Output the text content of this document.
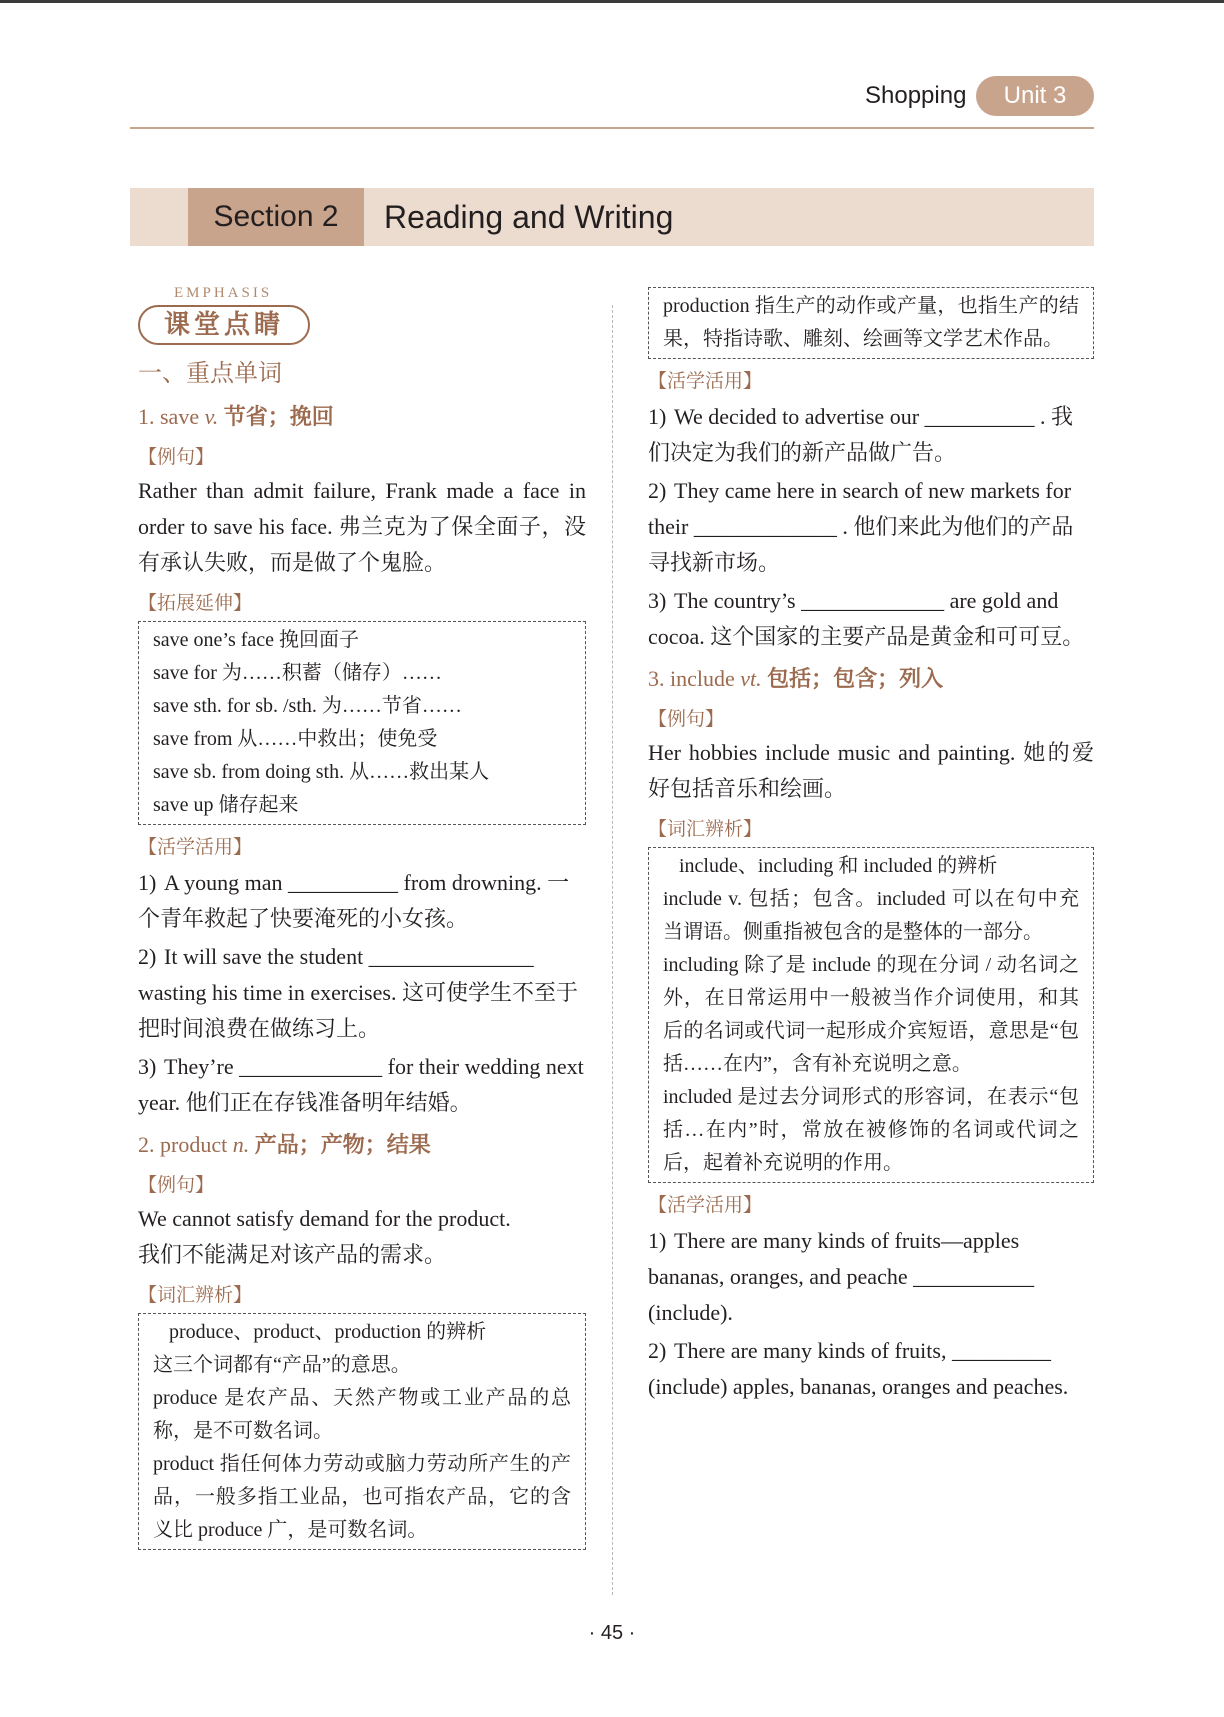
Shopping	Unit 3
Section 2	Reading and Writing
EMPHASIS
课堂点睛
一、重点单词
1. save v. 节省；挽回
【例句】
Rather than admit failure, Frank made a face in order to save his face. 弗兰克为了保全面子，没有承认失败，而是做了个鬼脸。
【拓展延伸】
save one’s face 挽回面子
save for 为……积蓄（储存）……
save sth. for sb. /sth. 为……节省……
save from 从……中救出；使免受
save sb. from doing sth. 从……救出某人
save up 储存起来
【活学活用】
1) A young man __________ from drowning. 一个青年救起了快要淹死的小女孩。
2) It will save the student _______________ wasting his time in exercises. 这可使学生不至于把时间浪费在做练习上。
3) They’re _____________ for their wedding next year. 他们正在存钱准备明年结婚。
2. product n. 产品；产物；结果
【例句】
We cannot satisfy demand for the product.
我们不能满足对该产品的需求。
【词汇辨析】
produce、product、production 的辨析
这三个词都有“产品”的意思。
produce 是农产品、天然产物或工业产品的总称，是不可数名词。
product 指任何体力劳动或脑力劳动所产生的产品，一般多指工业品，也可指农产品，它的含义比 produce 广，是可数名词。
production 指生产的动作或产量，也指生产的结果，特指诗歌、雕刻、绘画等文学艺术作品。
【活学活用】
1) We decided to advertise our __________ . 我们决定为我们的新产品做广告。
2) They came here in search of new markets for their _____________ . 他们来此为他们的产品寻找新市场。
3) The country’s _____________ are gold and cocoa. 这个国家的主要产品是黄金和可可豆。
3. include vt. 包括；包含；列入
【例句】
Her hobbies include music and painting. 她的爱好包括音乐和绘画。
【词汇辨析】
include、including 和 included 的辨析
include v. 包括；包含。included 可以在句中充当谓语。侧重指被包含的是整体的一部分。
including 除了是 include 的现在分词 / 动名词之外，在日常运用中一般被当作介词使用，和其后的名词或代词一起形成介宾短语，意思是“包括……在内”，含有补充说明之意。
included 是过去分词形式的形容词，在表示“包括…在内”时，常放在被修饰的名词或代词之后，起着补充说明的作用。
【活学活用】
1) There are many kinds of fruits—apples bananas, oranges, and peache ___________ (include).
2) There are many kinds of fruits, _________ (include) apples, bananas, oranges and peaches.
· 45 ·
